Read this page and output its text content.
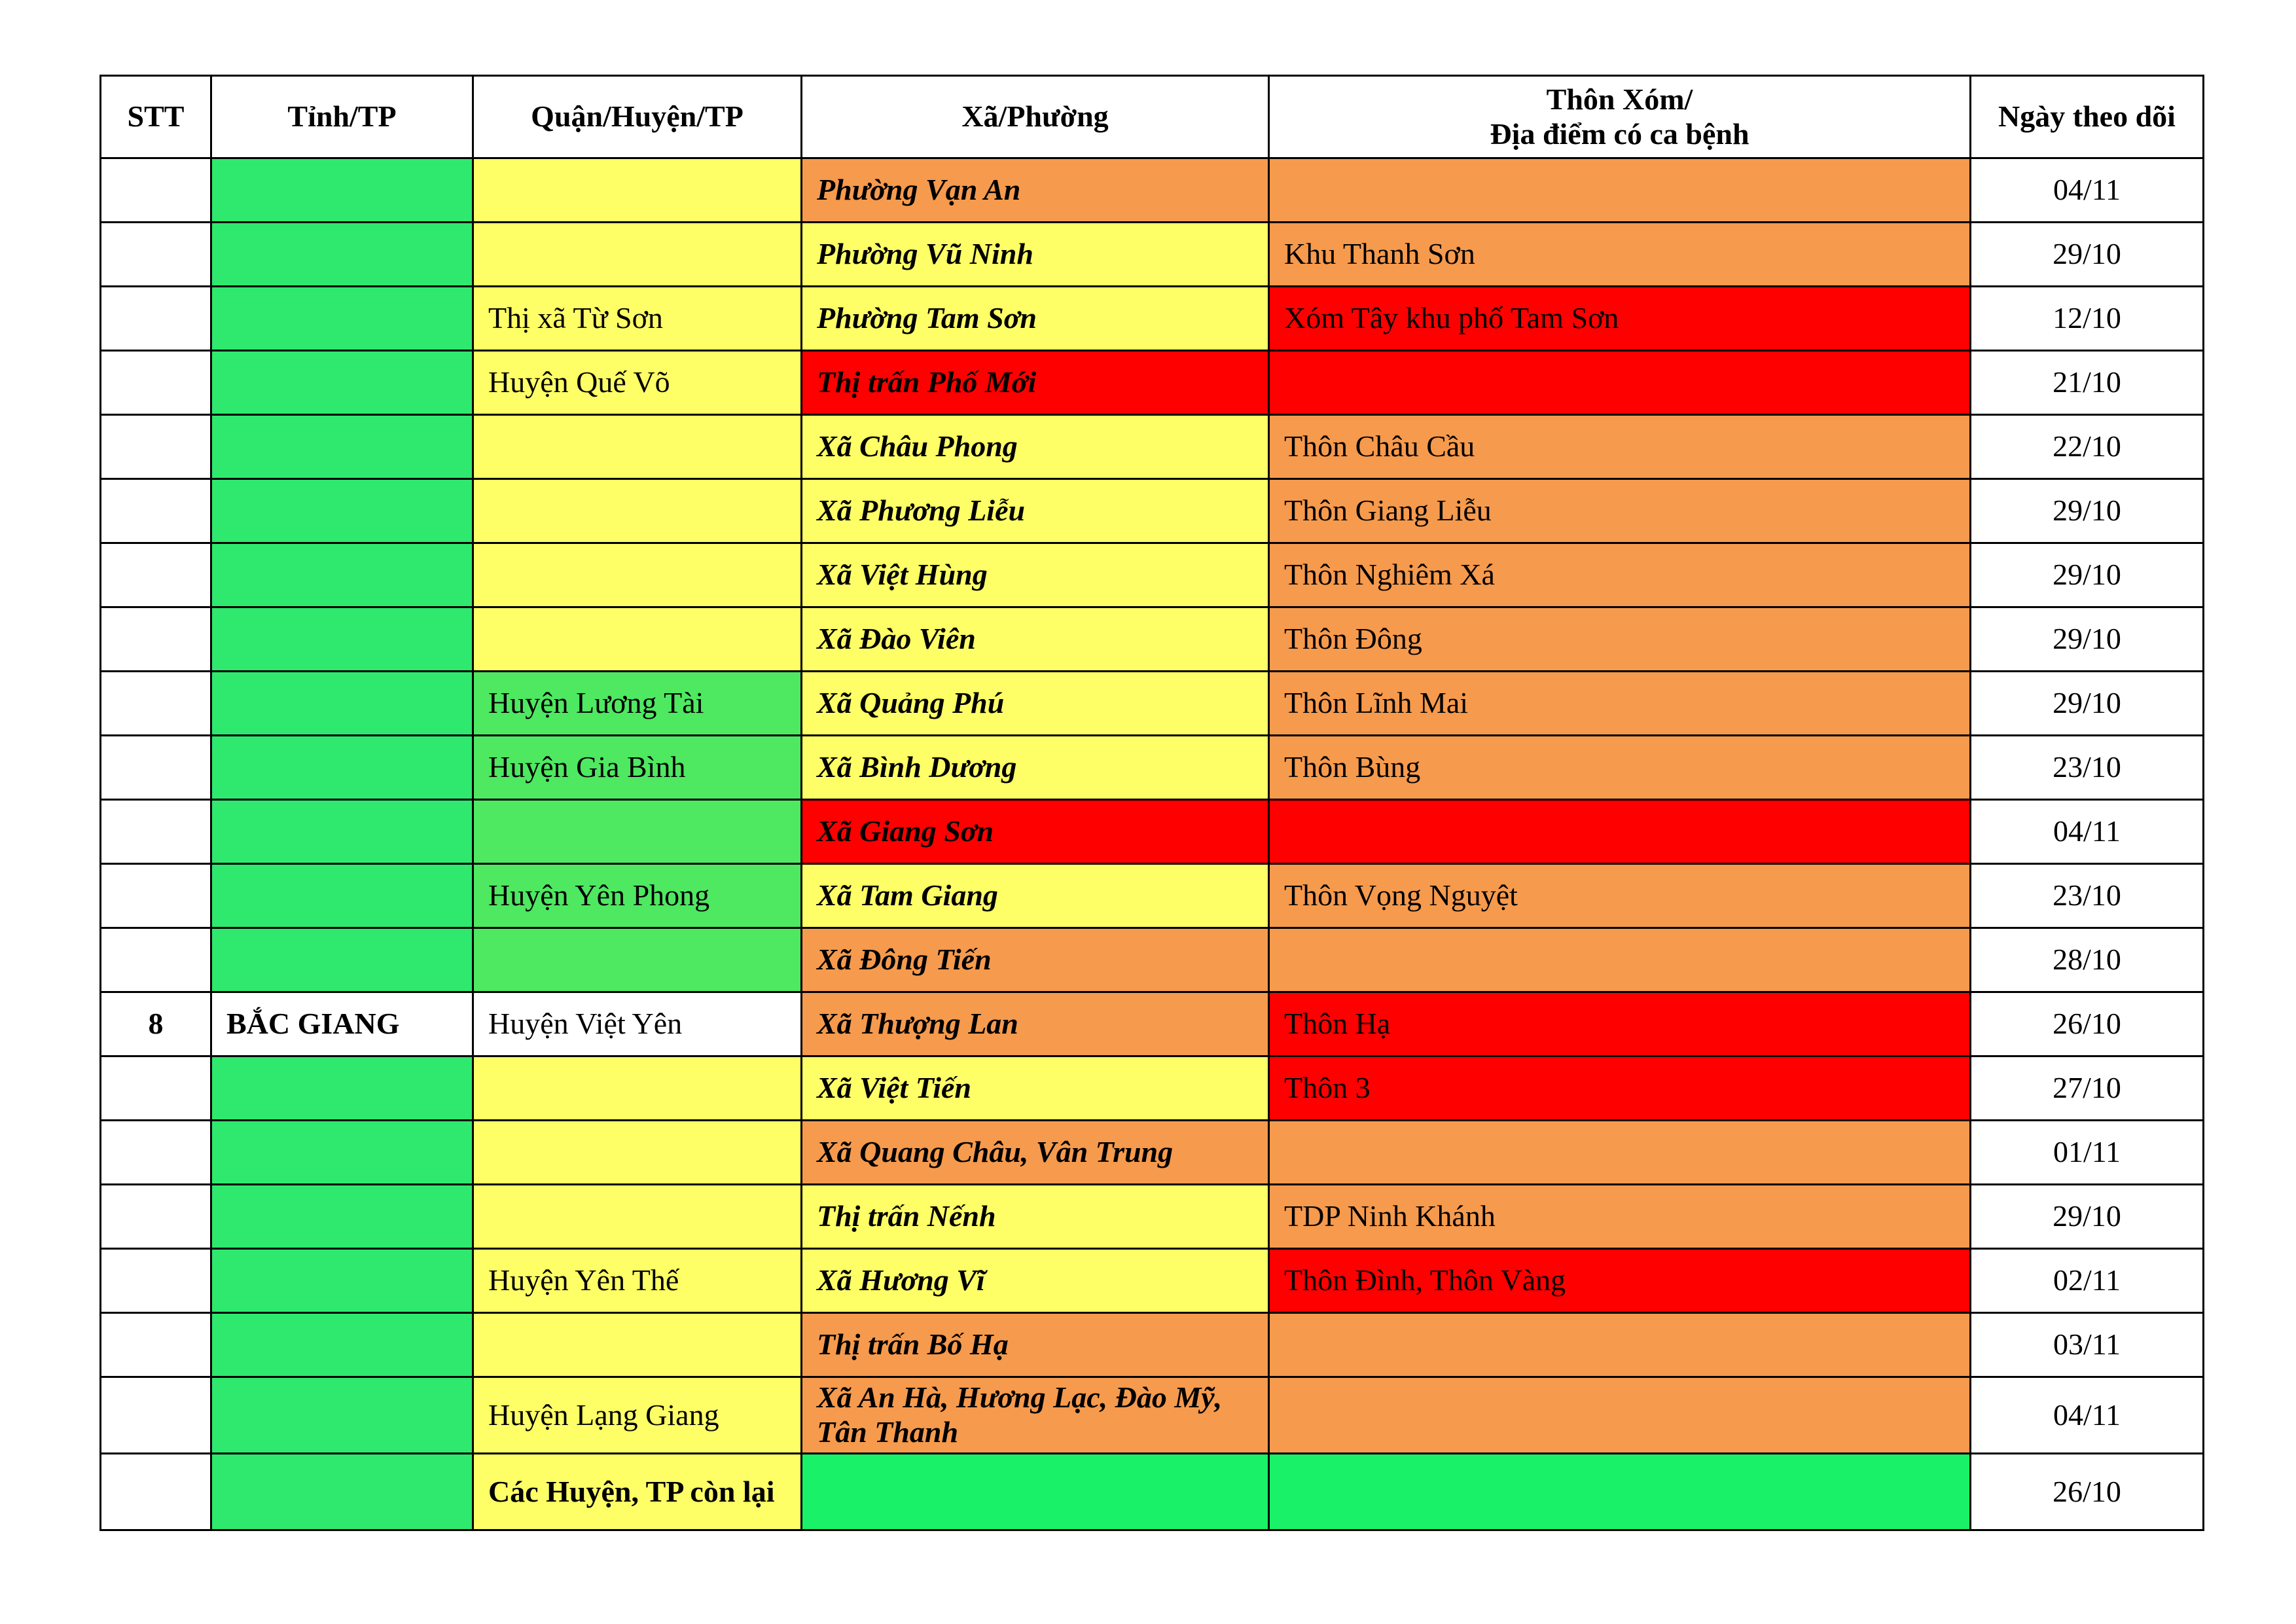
STT	Tỉnh/TP	Quận/Huyện/TP	Xã/Phường	Thôn Xóm/
Địa điểm có ca bệnh	Ngày theo dõi
			Phường Vạn An		04/11
			Phường Vũ Ninh	Khu Thanh Sơn	29/10
		Thị xã Từ Sơn	Phường Tam Sơn	Xóm Tây khu phố Tam Sơn	12/10
		Huyện Quế Võ	Thị trấn Phố Mới		21/10
			Xã Châu Phong	Thôn Châu Cầu	22/10
			Xã Phương Liễu	Thôn Giang Liễu	29/10
			Xã Việt Hùng	Thôn Nghiêm Xá	29/10
			Xã Đào Viên	Thôn Đông	29/10
		Huyện Lương Tài	Xã Quảng Phú	Thôn Lĩnh Mai	29/10
		Huyện Gia Bình	Xã Bình Dương	Thôn Bùng	23/10
			Xã Giang Sơn		04/11
		Huyện Yên Phong	Xã Tam Giang	Thôn Vọng Nguyệt	23/10
			Xã Đông Tiến		28/10
8	BẮC GIANG	Huyện Việt Yên	Xã Thượng Lan	Thôn Hạ	26/10
			Xã Việt Tiến	Thôn 3	27/10
			Xã Quang Châu, Vân Trung		01/11
			Thị trấn Nếnh	TDP Ninh Khánh	29/10
		Huyện Yên Thế	Xã Hương Vĩ	Thôn Đình, Thôn Vàng	02/11
			Thị trấn Bố Hạ		03/11
		Huyện Lạng Giang	Xã An Hà, Hương Lạc, Đào Mỹ, Tân Thanh		04/11
		Các Huyện, TP còn lại			26/10
